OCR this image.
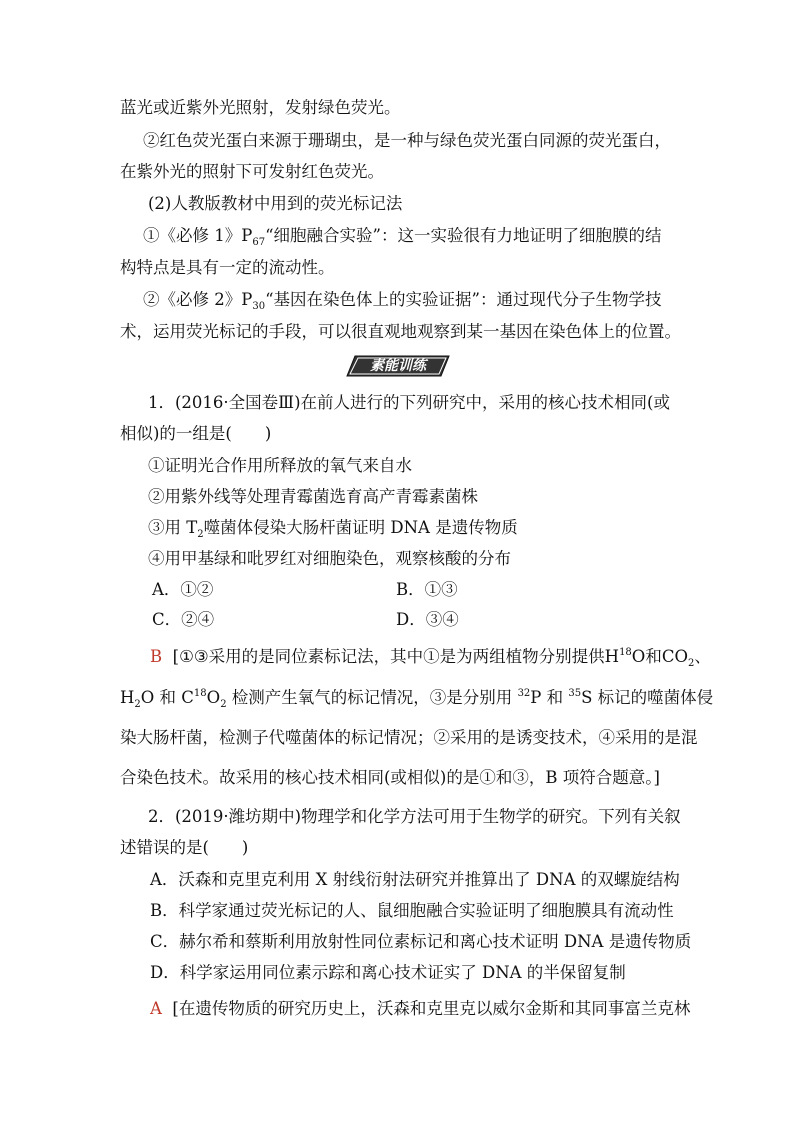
蓝光或近紫外光照射，发射绿色荧光。
②红色荧光蛋白来源于珊瑚虫，是一种与绿色荧光蛋白同源的荧光蛋白，
在紫外光的照射下可发射红色荧光。
(2)人教版教材中用到的荧光标记法
①《必修 1》$P_{67}“$细胞融合实验”：这一实验很有力地证明了细胞膜的结
构特点是具有一定的流动性。
②《必修 2》$P_{30}“$基因在染色体上的实验证据”：通过现代分子生物学技
术，运用荧光标记的手段，可以很直观地观察到某一基因在染色体上的位置。
素能训练
1．(2016·全国卷Ⅲ)在前人进行的下列研究中，采用的核心技术相同(或
相似)的一组是(　　)
①证明光合作用所释放的氧气来自水
②用紫外线等处理青霉菌选育高产青霉素菌株
③用 $T_2$噬菌体侵染大肠杆菌证明 DNA 是遗传物质
④用甲基绿和吡罗红对细胞染色，观察核酸的分布
A．①②	B．①③
C．②④	D．③④
B [①③采用的是同位素标记法，其中①是为两组植物分别提供$H^{18}O$和$CO_2$、
$H_2O$ 和 $C^{18}O_2$ 检测产生氧气的标记情况，③是分别用 $^{32}$P 和 $^{35}$S 标记的噬菌体侵
染大肠杆菌，检测子代噬菌体的标记情况；②采用的是诱变技术，④采用的是混
合染色技术。故采用的核心技术相同(或相似)的是①和③，B 项符合题意。]
2．(2019·潍坊期中)物理学和化学方法可用于生物学的研究。下列有关叙
述错误的是(　　)
A．沃森和克里克利用 X 射线衍射法研究并推算出了 DNA 的双螺旋结构
B．科学家通过荧光标记的人、鼠细胞融合实验证明了细胞膜具有流动性
C．赫尔希和蔡斯利用放射性同位素标记和离心技术证明 DNA 是遗传物质
D．科学家运用同位素示踪和离心技术证实了 DNA 的半保留复制
A [在遗传物质的研究历史上，沃森和克里克以威尔金斯和其同事富兰克林
